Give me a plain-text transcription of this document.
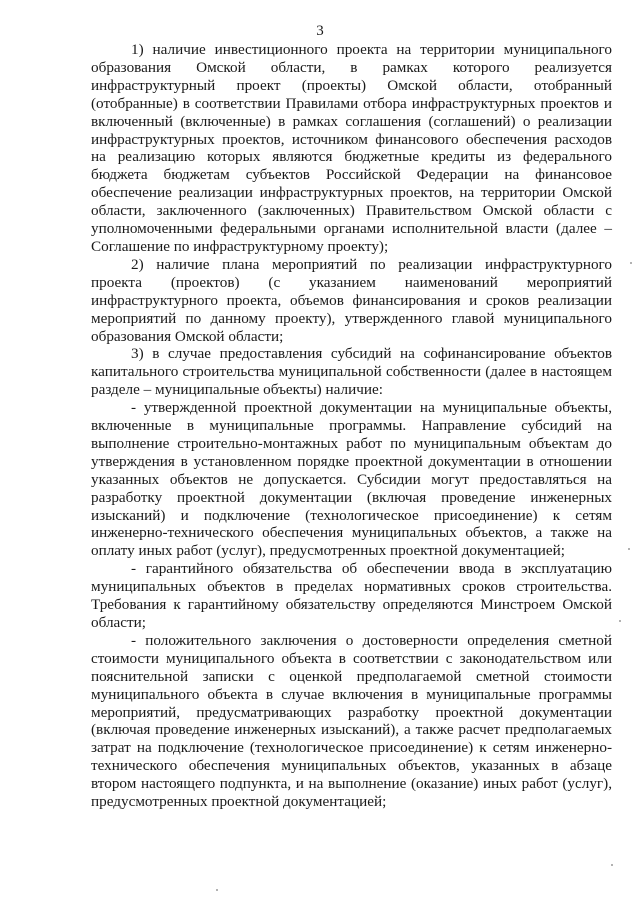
3

1) наличие инвестиционного проекта на территории муниципального образования Омской области, в рамках которого реализуется инфраструктурный проект (проекты) Омской области, отобранный (отобранные) в соответствии Правилами отбора инфраструктурных проектов и включенный (включенные) в рамках соглашения (соглашений) о реализации инфраструктурных проектов, источником финансового обеспечения расходов на реализацию которых являются бюджетные кредиты из федерального бюджета бюджетам субъектов Российской Федерации на финансовое обеспечение реализации инфраструктурных проектов, на территории Омской области, заключенного (заключенных) Правительством Омской области с уполномоченными федеральными органами исполнительной власти (далее – Соглашение по инфраструктурному проекту);

2) наличие плана мероприятий по реализации инфраструктурного проекта (проектов) (с указанием наименований мероприятий инфраструктурного проекта, объемов финансирования и сроков реализации мероприятий по данному проекту), утвержденного главой муниципального образования Омской области;

3) в случае предоставления субсидий на софинансирование объектов капитального строительства муниципальной собственности (далее в настоящем разделе – муниципальные объекты) наличие:

- утвержденной проектной документации на муниципальные объекты, включенные в муниципальные программы. Направление субсидий на выполнение строительно-монтажных работ по муниципальным объектам до утверждения в установленном порядке проектной документации в отношении указанных объектов не допускается. Субсидии могут предоставляться на разработку проектной документации (включая проведение инженерных изысканий) и подключение (технологическое присоединение) к сетям инженерно-технического обеспечения муниципальных объектов, а также на оплату иных работ (услуг), предусмотренных проектной документацией;

- гарантийного обязательства об обеспечении ввода в эксплуатацию муниципальных объектов в пределах нормативных сроков строительства. Требования к гарантийному обязательству определяются Минстроем Омской области;

- положительного заключения о достоверности определения сметной стоимости муниципального объекта в соответствии с законодательством или пояснительной записки с оценкой предполагаемой сметной стоимости муниципального объекта в случае включения в муниципальные программы мероприятий, предусматривающих разработку проектной документации (включая проведение инженерных изысканий), а также расчет предполагаемых затрат на подключение (технологическое присоединение) к сетям инженерно-технического обеспечения муниципальных объектов, указанных в абзаце втором настоящего подпункта, и на выполнение (оказание) иных работ (услуг), предусмотренных проектной документацией;
